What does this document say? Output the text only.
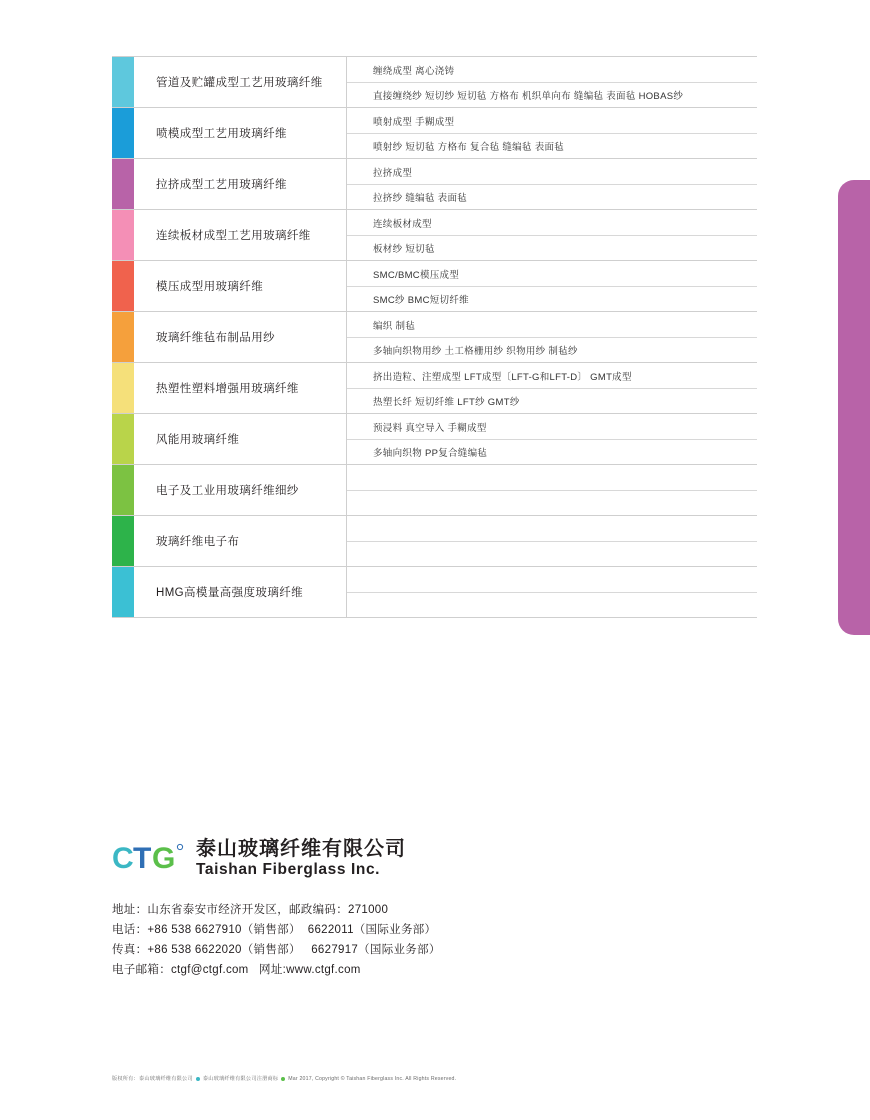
管道及贮罐成型工艺用玻璃纤维
缠绕成型 离心浇铸
直接缠绕纱 短切纱 短切毡 方格布 机织单向布 缝编毡 表面毡 HOBAS纱
喷模成型工艺用玻璃纤维
喷射成型 手糊成型
喷射纱 短切毡 方格布 复合毡 缝编毡 表面毡
拉挤成型工艺用玻璃纤维
拉挤成型
拉挤纱 缝编毡 表面毡
连续板材成型工艺用玻璃纤维
连续板材成型
板材纱 短切毡
模压成型用玻璃纤维
SMC/BMC模压成型
SMC纱 BMC短切纤维
玻璃纤维毡布制品用纱
编织 制毡
多轴向织物用纱 土工格栅用纱 织物用纱 制毡纱
热塑性塑料增强用玻璃纤维
挤出造粒、注塑成型 LFT成型〔LFT-G和LFT-D〕 GMT成型
热塑长纤 短切纤维 LFT纱 GMT纱
风能用玻璃纤维
预浸料 真空导入 手糊成型
多轴向织物 PP复合缝编毡
电子及工业用玻璃纤维细纱
玻璃纤维电子布
HMG高模量高强度玻璃纤维
C T G 泰山玻璃纤维有限公司
Taishan Fiberglass Inc.
地址：山东省泰安市经济开发区，邮政编码：271000
电话：+86 538 6627910（销售部）  6622011（国际业务部）
传真：+86 538 6622020（销售部）   6627917（国际业务部）
电子邮箱：ctgf@ctgf.com   网址:www.ctgf.com
版权所有：泰山玻璃纤维有限公司 泰山玻璃纤维有限公司注册商标 Mar 2017, Copyright © Taishan Fiberglass Inc. All Rights Reserved.
